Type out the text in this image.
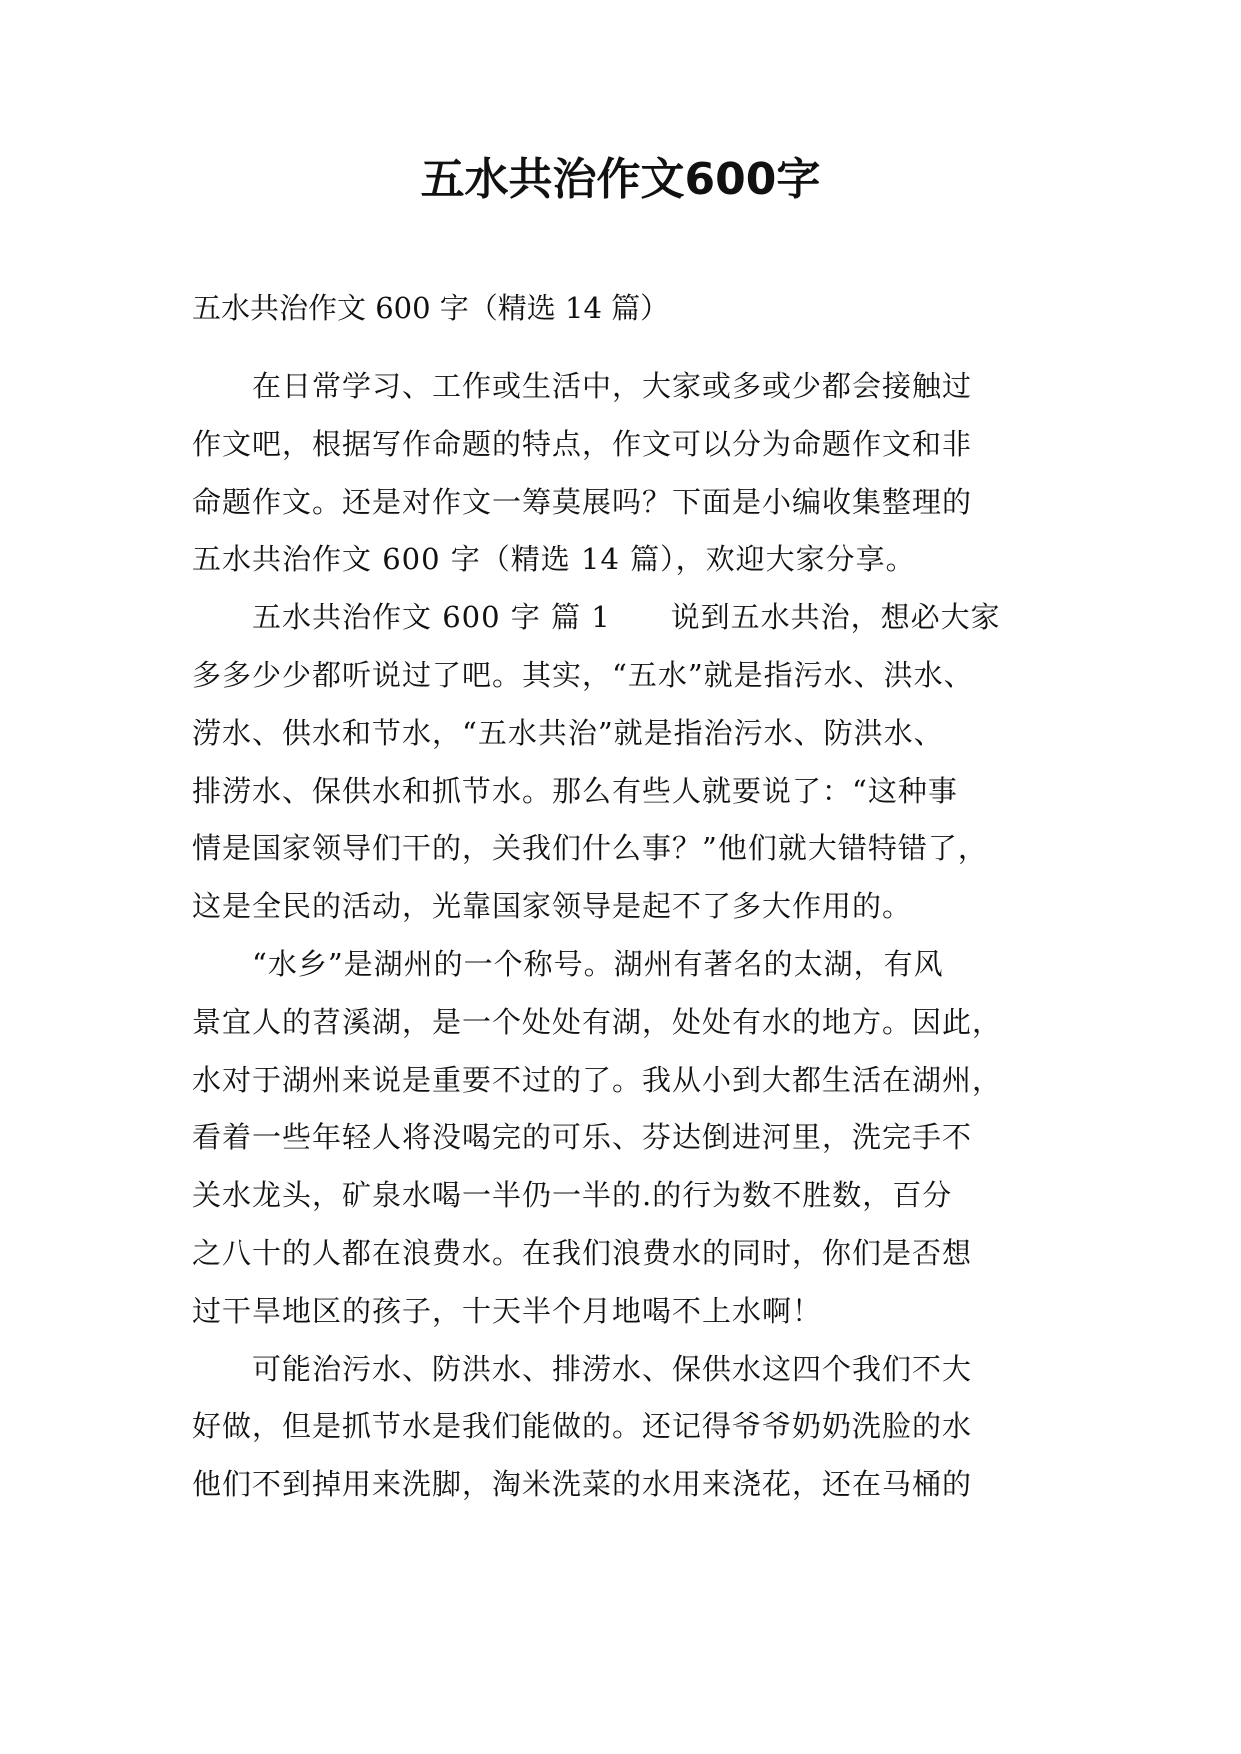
五水共治作文600字
五水共治作文 600 字（精选 14 篇）
　　在日常学习、工作或生活中，大家或多或少都会接触过
作文吧，根据写作命题的特点，作文可以分为命题作文和非
命题作文。还是对作文一筹莫展吗？下面是小编收集整理的
五水共治作文 600 字（精选 14 篇），欢迎大家分享。
　　五水共治作文 600 字 篇 1　　说到五水共治，想必大家
多多少少都听说过了吧。其实，“五水”就是指污水、洪水、
涝水、供水和节水，“五水共治”就是指治污水、防洪水、
排涝水、保供水和抓节水。那么有些人就要说了：“这种事
情是国家领导们干的，关我们什么事？”他们就大错特错了，
这是全民的活动，光靠国家领导是起不了多大作用的。
　　“水乡”是湖州的一个称号。湖州有著名的太湖，有风
景宜人的苕溪湖，是一个处处有湖，处处有水的地方。因此，
水对于湖州来说是重要不过的了。我从小到大都生活在湖州，
看着一些年轻人将没喝完的可乐、芬达倒进河里，洗完手不
关水龙头，矿泉水喝一半仍一半的.的行为数不胜数，百分
之八十的人都在浪费水。在我们浪费水的同时，你们是否想
过干旱地区的孩子，十天半个月地喝不上水啊！
　　可能治污水、防洪水、排涝水、保供水这四个我们不大
好做，但是抓节水是我们能做的。还记得爷爷奶奶洗脸的水
他们不到掉用来洗脚，淘米洗菜的水用来浇花，还在马桶的
